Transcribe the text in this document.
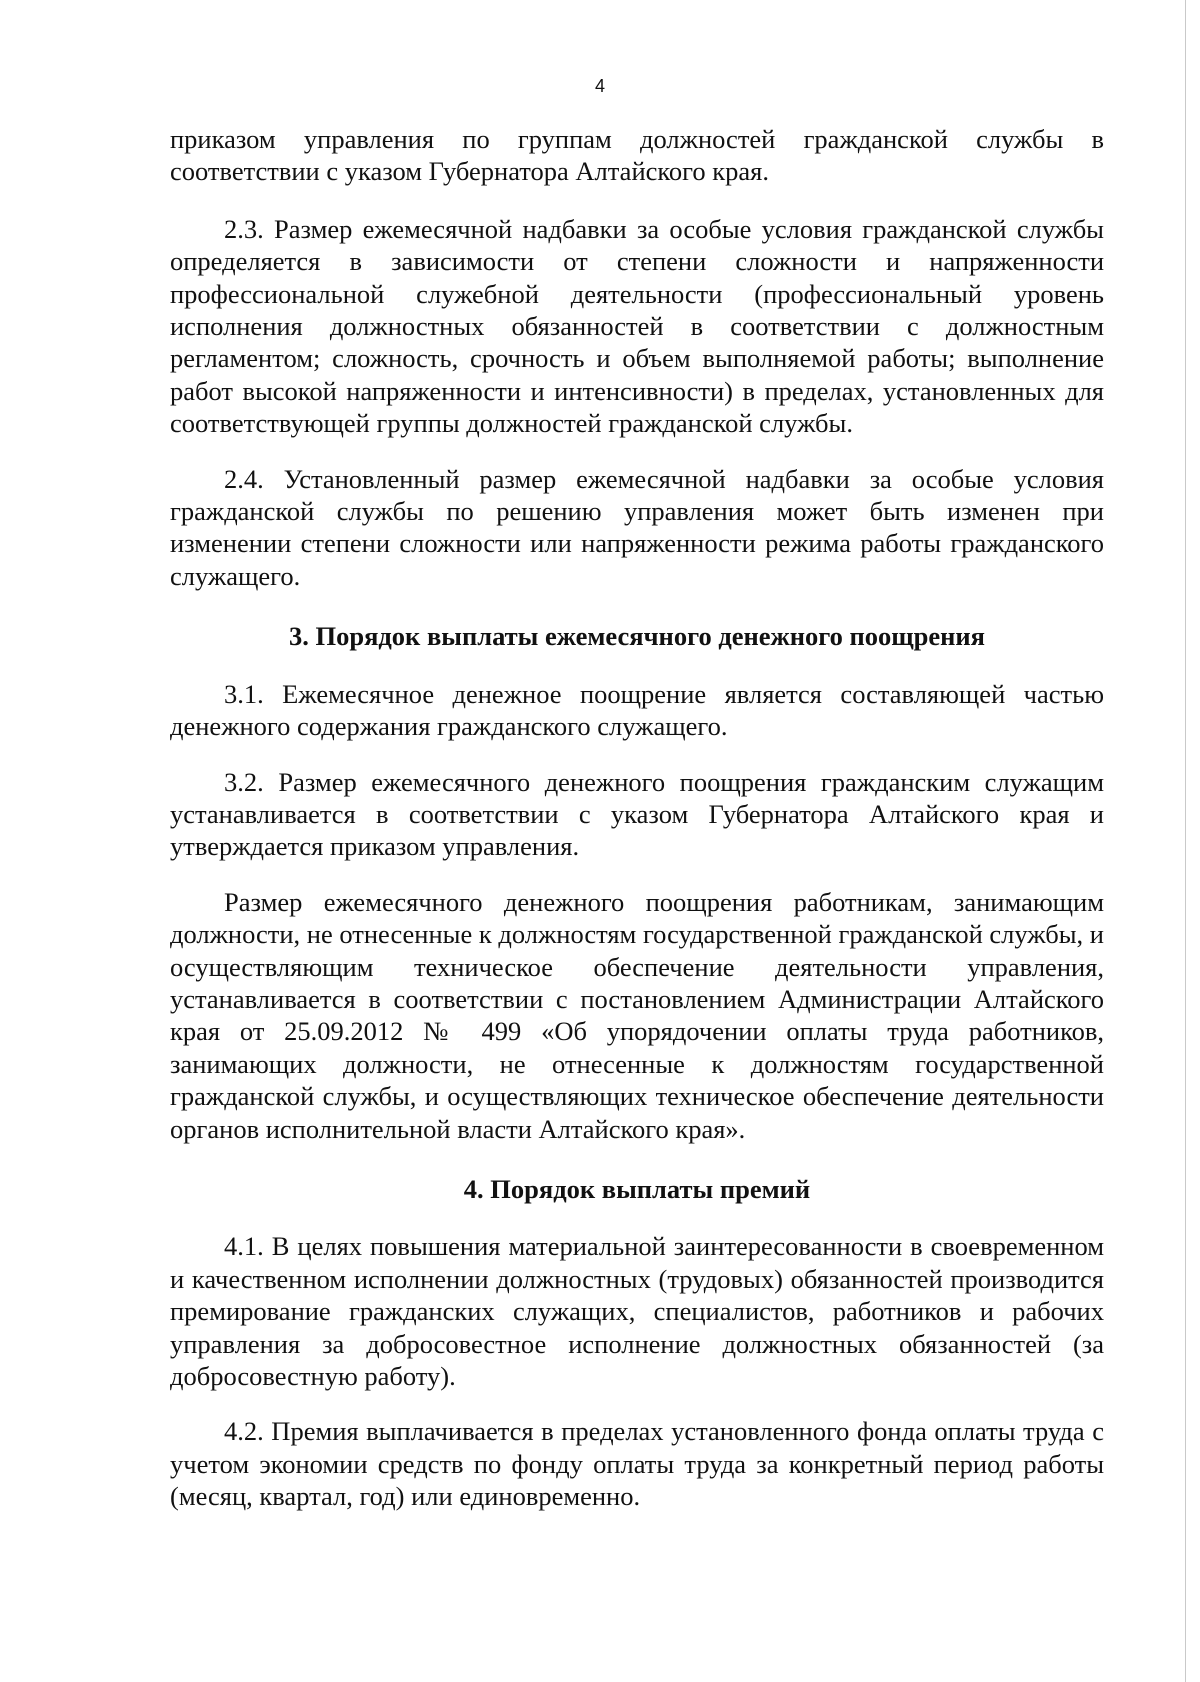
4

приказом управления по группам должностей гражданской службы в соответствии с указом Губернатора Алтайского края.

2.3. Размер ежемесячной надбавки за особые условия гражданской службы определяется в зависимости от степени сложности и напряженности профессиональной служебной деятельности (профессиональный уровень исполнения должностных обязанностей в соответствии с должностным регламентом; сложность, срочность и объем выполняемой работы; выполнение работ высокой напряженности и интенсивности) в пределах, установленных для соответствующей группы должностей гражданской службы.

2.4. Установленный размер ежемесячной надбавки за особые условия гражданской службы по решению управления может быть изменен при изменении степени сложности или напряженности режима работы гражданского служащего.

3. Порядок выплаты ежемесячного денежного поощрения

3.1. Ежемесячное денежное поощрение является составляющей частью денежного содержания гражданского служащего.

3.2. Размер ежемесячного денежного поощрения гражданским служащим устанавливается в соответствии с указом Губернатора Алтайского края и утверждается приказом управления.

Размер ежемесячного денежного поощрения работникам, занимающим должности, не отнесенные к должностям государственной гражданской службы, и осуществляющим техническое обеспечение деятельности управления, устанавливается в соответствии с постановлением Администрации Алтайского края от 25.09.2012 № 499 «Об упорядочении оплаты труда работников, занимающих должности, не отнесенные к должностям государственной гражданской службы, и осуществляющих техническое обеспечение деятельности органов исполнительной власти Алтайского края».

4. Порядок выплаты премий

4.1. В целях повышения материальной заинтересованности в своевременном и качественном исполнении должностных (трудовых) обязанностей производится премирование гражданских служащих, специалистов, работников и рабочих управления за добросовестное исполнение должностных обязанностей (за добросовестную работу).

4.2. Премия выплачивается в пределах установленного фонда оплаты труда с учетом экономии средств по фонду оплаты труда за конкретный период работы (месяц, квартал, год) или единовременно.
